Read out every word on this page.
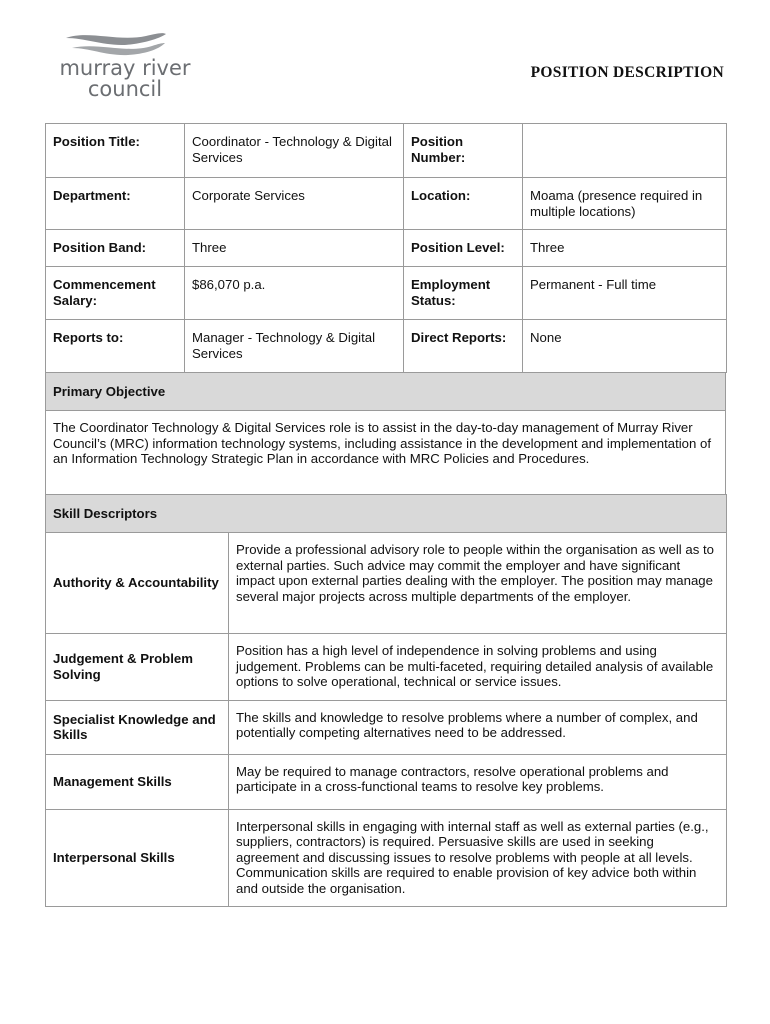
murray river
council
POSITION DESCRIPTION
Position Title:	Coordinator - Technology & Digital Services	Position Number:	
Department:	Corporate Services	Location:	Moama (presence required in multiple locations)
Position Band:	Three	Position Level:	Three
Commencement Salary:	$86,070 p.a.	Employment Status:	Permanent - Full time
Reports to:	Manager - Technology & Digital Services	Direct Reports:	None
Primary Objective
The Coordinator Technology & Digital Services role is to assist in the day-to-day management of Murray River Council’s (MRC) information technology systems, including assistance in the development and implementation of an Information Technology Strategic Plan in accordance with MRC Policies and Procedures.
Skill Descriptors	
Authority & Accountability	Provide a professional advisory role to people within the organisation as well as to external parties. Such advice may commit the employer and have significant impact upon external parties dealing with the employer. The position may manage several major projects across multiple departments of the employer.
Judgement & Problem Solving	Position has a high level of independence in solving problems and using judgement. Problems can be multi-faceted, requiring detailed analysis of available options to solve operational, technical or service issues.
Specialist Knowledge and Skills	The skills and knowledge to resolve problems where a number of complex, and potentially competing alternatives need to be addressed.
Management Skills	May be required to manage contractors, resolve operational problems and participate in a cross-functional teams to resolve key problems.
Interpersonal Skills	Interpersonal skills in engaging with internal staff as well as external parties (e.g., suppliers, contractors) is required. Persuasive skills are used in seeking agreement and discussing issues to resolve problems with people at all levels. Communication skills are required to enable provision of key advice both within and outside the organisation.
